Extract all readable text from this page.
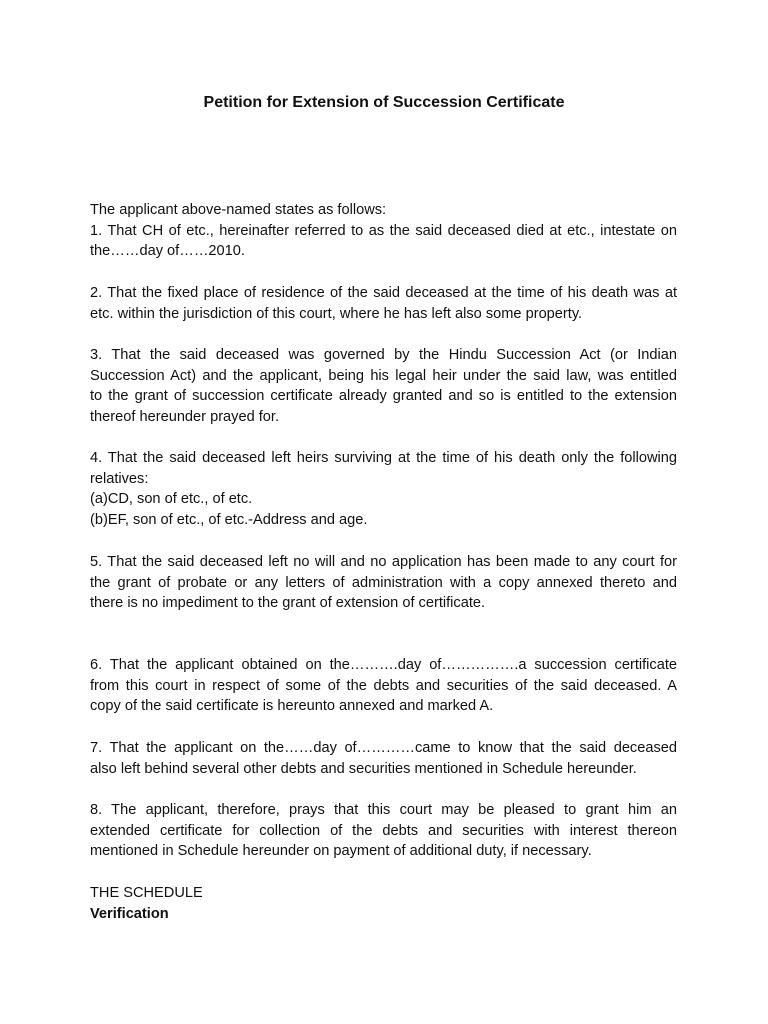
Petition for Extension of Succession Certificate
The applicant above-named states as follows:
1. That CH of etc., hereinafter referred to as the said deceased died at etc., intestate on
the……day of……2010.
2. That the fixed place of residence of the said deceased at the time of his death was at
etc. within the jurisdiction of this court, where he has left also some property.
3. That the said deceased was governed by the Hindu Succession Act (or Indian
Succession Act) and the applicant, being his legal heir under the said law, was entitled
to the grant of succession certificate already granted and so is entitled to the extension
thereof hereunder prayed for.
4. That the said deceased left heirs surviving at the time of his death only the following
relatives:
(a)CD, son of etc., of etc.
(b)EF, son of etc., of etc.-Address and age.
5. That the said deceased left no will and no application has been made to any court for
the grant of probate or any letters of administration with a copy annexed thereto and
there is no impediment to the grant of extension of certificate.
6. That the applicant obtained on the……….day of…………….a succession certificate
from this court in respect of some of the debts and securities of the said deceased. A
copy of the said certificate is hereunto annexed and marked A.
7. That the applicant on the……day of…………came to know that the said deceased
also left behind several other debts and securities mentioned in Schedule hereunder.
8. The applicant, therefore, prays that this court may be pleased to grant him an
extended certificate for collection of the debts and securities with interest thereon
mentioned in Schedule hereunder on payment of additional duty, if necessary.
THE SCHEDULE
Verification
